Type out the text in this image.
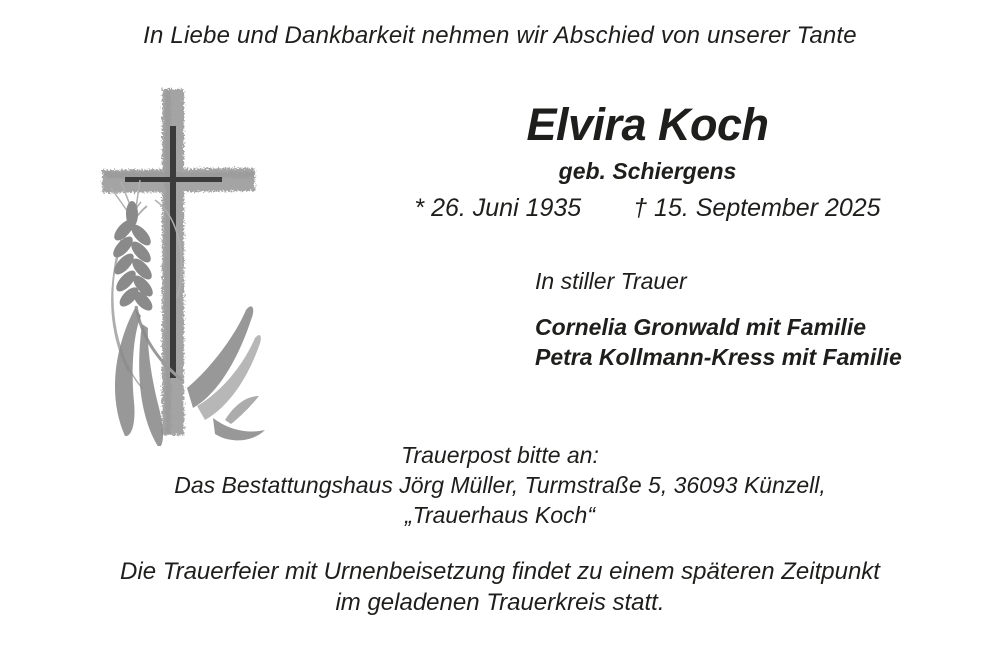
In Liebe und Dankbarkeit nehmen wir Abschied von unserer Tante
Elvira Koch
geb. Schiergens
* 26. Juni 1935 † 15. September 2025
In stiller Trauer
Cornelia Gronwald mit Familie
Petra Kollmann-Kress mit Familie
Trauerpost bitte an:
Das Bestattungshaus Jörg Müller, Turmstraße 5, 36093 Künzell,
„Trauerhaus Koch“
Die Trauerfeier mit Urnenbeisetzung findet zu einem späteren Zeitpunkt
im geladenen Trauerkreis statt.
